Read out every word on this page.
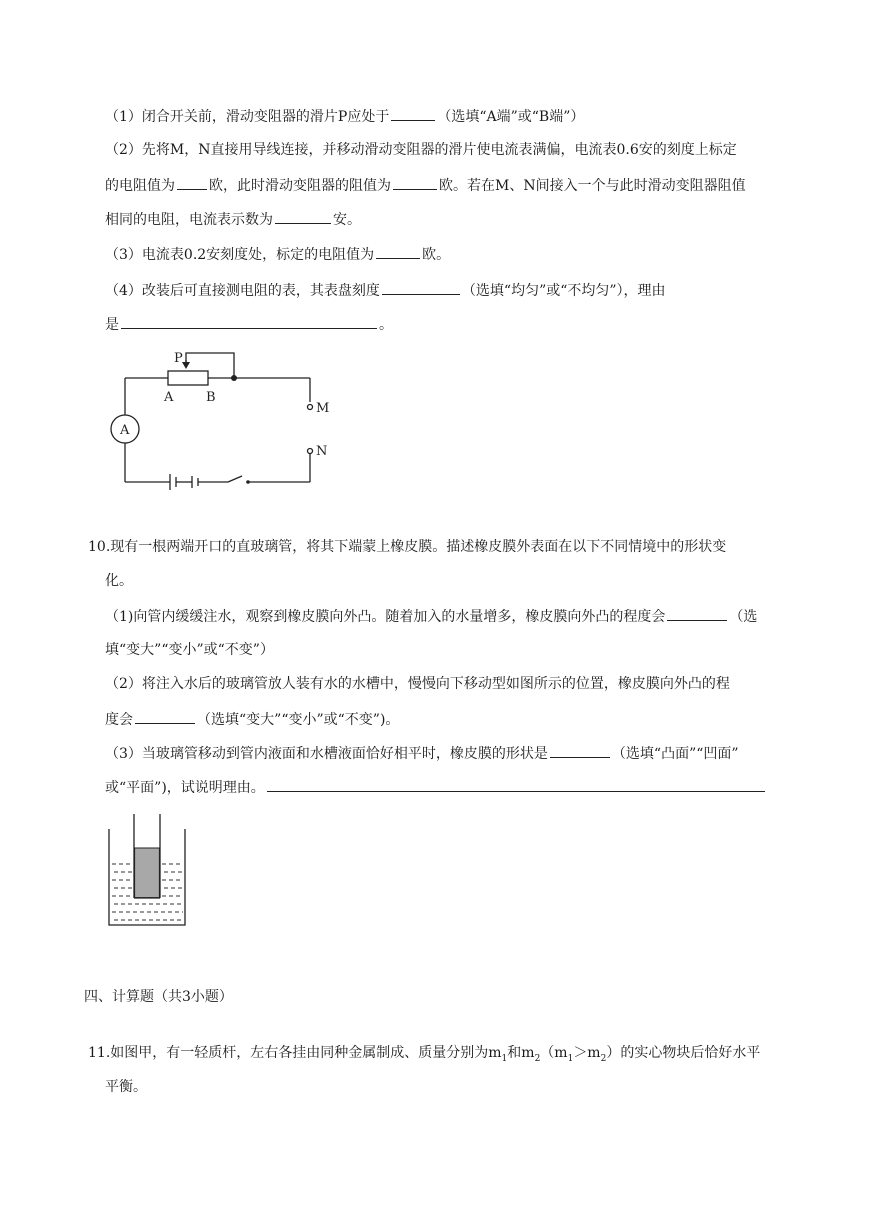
（1）闭合开关前，滑动变阻器的滑片P应处于	（选填“A端”或“B端”）
（2）先将M，N直接用导线连接，并移动滑动变阻器的滑片使电流表满偏，电流表0.6安的刻度上标定
的电阻值为 欧，此时滑动变阻器的阻值为	欧。若在M、N间接入一个与此时滑动变阻器阻值
相同的电阻，电流表示数为	安。
（3）电流表0.2安刻度处，标定的电阻值为	欧。
（4）改装后可直接测电阻的表，其表盘刻度	（选填“均匀”或“不均匀”），理由
是	。
P
A	B
M
N
A
10.现有一根两端开口的直玻璃管，将其下端蒙上橡皮膜。描述橡皮膜外表面在以下不同情境中的形状变
化。
（1)向管内缓缓注水，观察到橡皮膜向外凸。随着加入的水量增多，橡皮膜向外凸的程度会	（选
填“变大”“变小”或“不变”）
（2）将注入水后的玻璃管放人装有水的水槽中，慢慢向下移动型如图所示的位置，橡皮膜向外凸的程
度会	（选填“变大”“变小”或“不变”)。
（3）当玻璃管移动到管内液面和水槽液面恰好相平时，橡皮膜的形状是	（选填“凸面”“凹面”
或“平面”)，试说明理由。
四、计算题（共3小题）
11.如图甲，有一轻质杆，左右各挂由同种金属制成、质量分别为$m_1$和$m_2(m_1>m_2)$的实心物块后恰好水平
平衡。
